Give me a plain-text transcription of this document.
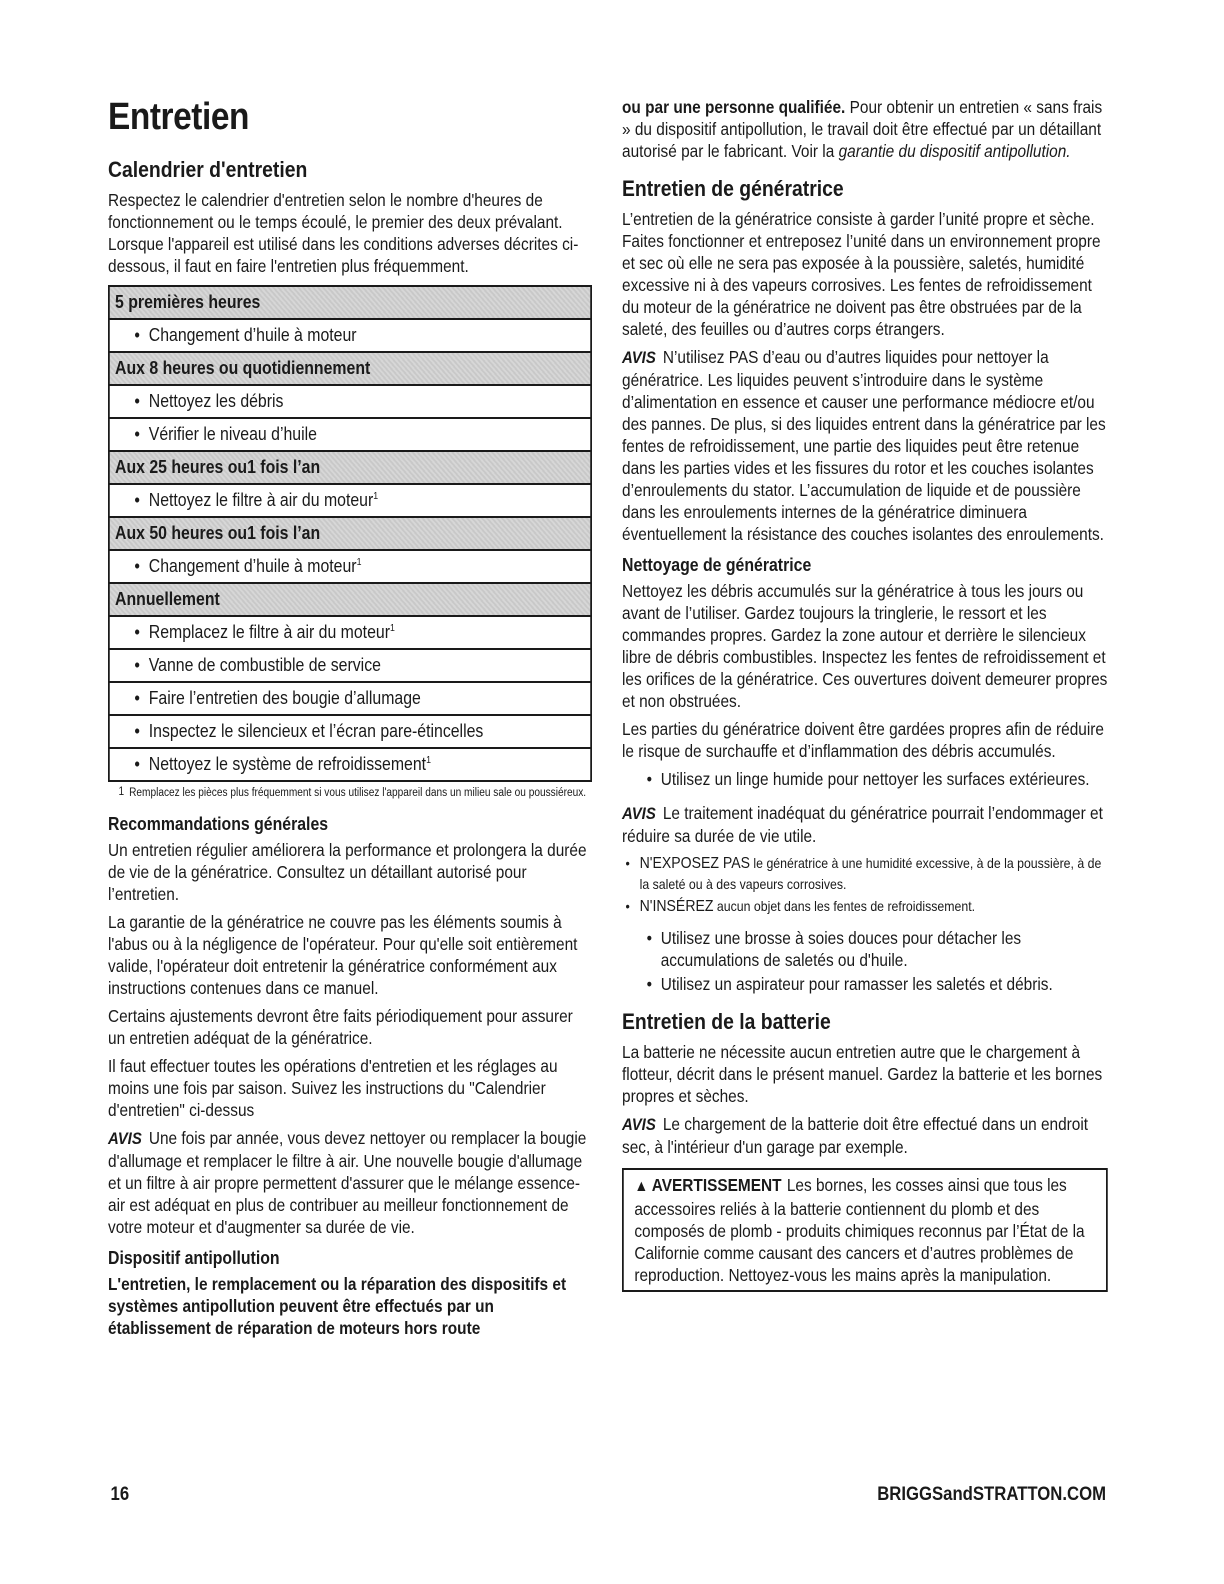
Entretien
Calendrier d'entretien

Respectez le calendrier d'entretien selon le nombre d'heures de fonctionnement ou le temps écoulé, le premier des deux prévalant. Lorsque l'appareil est utilisé dans les conditions adverses décrites ci-dessous, il faut en faire l'entretien plus fréquemment.

5 premières heures
• Changement d’huile à moteur
Aux 8 heures ou quotidiennement
• Nettoyez les débris
• Vérifier le niveau d’huile
Aux 25 heures ou1 fois l’an
• Nettoyez le filtre à air du moteur$^1$
Aux 50 heures ou1 fois l’an
• Changement d’huile à moteur$^1$
Annuellement
• Remplacez le filtre à air du moteur$^1$
• Vanne de combustible de service
• Faire l’entretien des bougie d’allumage
• Inspectez le silencieux et l’écran pare-étincelles
• Nettoyez le système de refroidissement$^1$
1 Remplacez les pièces plus fréquemment si vous utilisez l'appareil dans un milieu sale ou poussiéreux.
Recommandations générales

Un entretien régulier améliorera la performance et prolongera la durée de vie de la génératrice. Consultez un détaillant autorisé pour l’entretien.

La garantie de la génératrice ne couvre pas les éléments soumis à l'abus ou à la négligence de l'opérateur. Pour qu'elle soit entièrement valide, l'opérateur doit entretenir la génératrice conformément aux instructions contenues dans ce manuel.

Certains ajustements devront être faits périodiquement pour assurer un entretien adéquat de la génératrice.

Il faut effectuer toutes les opérations d'entretien et les réglages au moins une fois par saison. Suivez les instructions du "Calendrier d'entretien" ci-dessus

AVIS Une fois par année, vous devez nettoyer ou remplacer la bougie d'allumage et remplacer le filtre à air. Une nouvelle bougie d'allumage et un filtre à air propre permettent d'assurer que le mélange essence-air est adéquat en plus de contribuer au meilleur fonctionnement de votre moteur et d'augmenter sa durée de vie.

Dispositif antipollution

L'entretien, le remplacement ou la réparation des dispositifs et systèmes antipollution peuvent être effectués par un établissement de réparation de moteurs hors route

ou par une personne qualifiée. Pour obtenir un entretien « sans frais » du dispositif antipollution, le travail doit être effectué par un détaillant autorisé par le fabricant. Voir la garantie du dispositif antipollution.

Entretien de génératrice

L’entretien de la génératrice consiste à garder l’unité propre et sèche. Faites fonctionner et entreposez l’unité dans un environnement propre et sec où elle ne sera pas exposée à la poussière, saletés, humidité excessive ni à des vapeurs corrosives. Les fentes de refroidissement du moteur de la génératrice ne doivent pas être obstruées par de la saleté, des feuilles ou d’autres corps étrangers.

AVIS N’utilisez PAS d’eau ou d’autres liquides pour nettoyer la génératrice. Les liquides peuvent s’introduire dans le système d’alimentation en essence et causer une performance médiocre et/ou des pannes. De plus, si des liquides entrent dans la génératrice par les fentes de refroidissement, une partie des liquides peut être retenue dans les parties vides et les fissures du rotor et les couches isolantes d’enroulements du stator. L’accumulation de liquide et de poussière dans les enroulements internes de la génératrice diminuera éventuellement la résistance des couches isolantes des enroulements.

Nettoyage de génératrice

Nettoyez les débris accumulés sur la génératrice à tous les jours ou avant de l’utiliser. Gardez toujours la tringlerie, le ressort et les commandes propres. Gardez la zone autour et derrière le silencieux libre de débris combustibles. Inspectez les fentes de refroidissement et les orifices de la génératrice. Ces ouvertures doivent demeurer propres et non obstruées.

Les parties du génératrice doivent être gardées propres afin de réduire le risque de surchauffe et d’inflammation des débris accumulés.

• Utilisez un linge humide pour nettoyer les surfaces extérieures.

AVIS Le traitement inadéquat du génératrice pourrait l’endommager et réduire sa durée de vie utile.

• N'EXPOSEZ PAS le génératrice à une humidité excessive, à de la poussière, à de la saleté ou à des vapeurs corrosives.
• N'INSÉREZ aucun objet dans les fentes de refroidissement.
• Utilisez une brosse à soies douces pour détacher les accumulations de saletés ou d'huile.
• Utilisez un aspirateur pour ramasser les saletés et débris.
Entretien de la batterie

La batterie ne nécessite aucun entretien autre que le chargement à flotteur, décrit dans le présent manuel. Gardez la batterie et les bornes propres et sèches.

AVIS Le chargement de la batterie doit être effectué dans un endroit sec, à l'intérieur d'un garage par exemple.

▲ AVERTISSEMENT Les bornes, les cosses ainsi que tous les accessoires reliés à la batterie contiennent du plomb et des composés de plomb - produits chimiques reconnus par l’État de la Californie comme causant des cancers et d’autres problèmes de reproduction. Nettoyez-vous les mains après la manipulation.

16	BRIGGSandSTRATTON.COM
